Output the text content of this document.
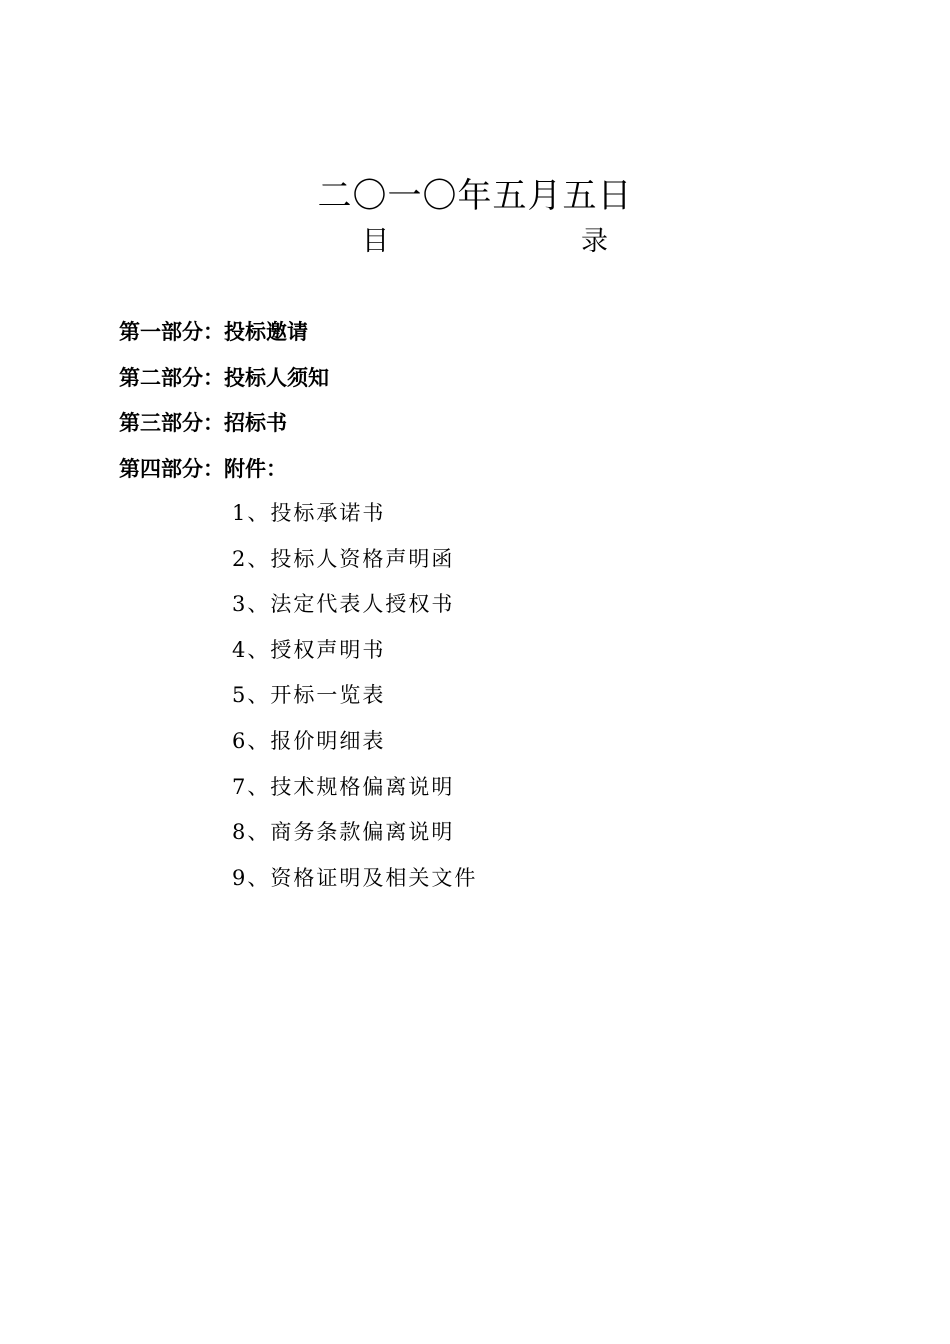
二〇一〇年五月五日
目	录
第一部分：投标邀请
第二部分：投标人须知
第三部分：招标书
第四部分：附件：
1、投标承诺书
2、投标人资格声明函
3、法定代表人授权书
4、授权声明书
5、开标一览表
6、报价明细表
7、技术规格偏离说明
8、商务条款偏离说明
9、资格证明及相关文件
